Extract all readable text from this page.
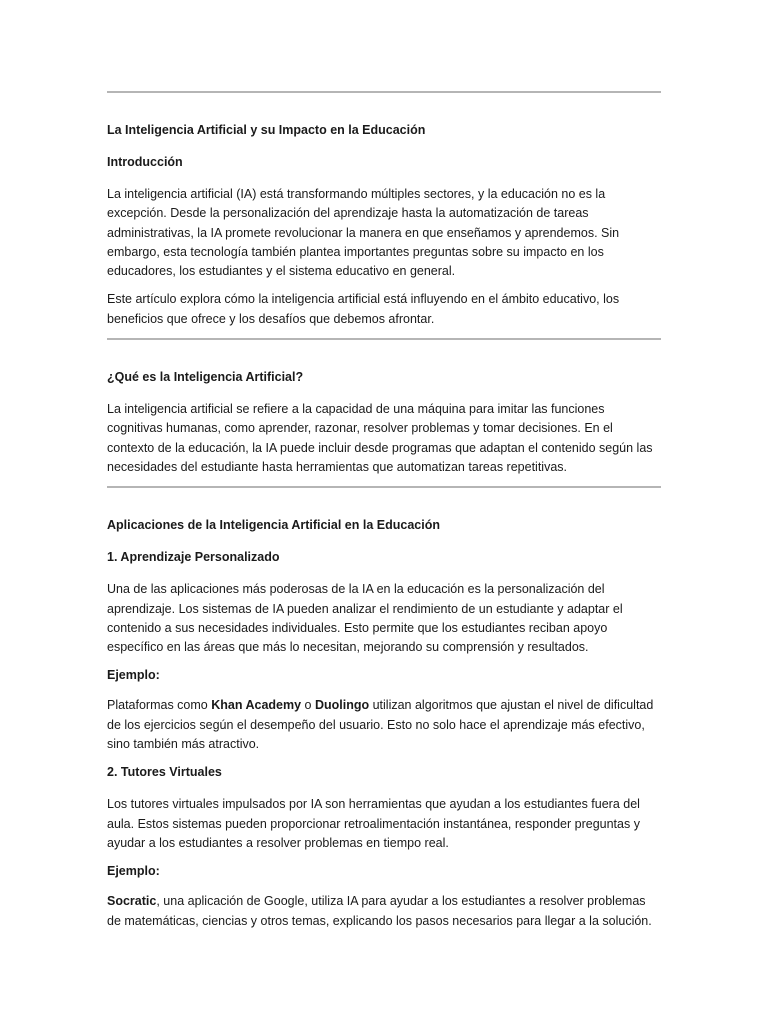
La Inteligencia Artificial y su Impacto en la Educación
Introducción

La inteligencia artificial (IA) está transformando múltiples sectores, y la educación no es la excepción. Desde la personalización del aprendizaje hasta la automatización de tareas administrativas, la IA promete revolucionar la manera en que enseñamos y aprendemos. Sin embargo, esta tecnología también plantea importantes preguntas sobre su impacto en los educadores, los estudiantes y el sistema educativo en general.

Este artículo explora cómo la inteligencia artificial está influyendo en el ámbito educativo, los beneficios que ofrece y los desafíos que debemos afrontar.

¿Qué es la Inteligencia Artificial?

La inteligencia artificial se refiere a la capacidad de una máquina para imitar las funciones cognitivas humanas, como aprender, razonar, resolver problemas y tomar decisiones. En el contexto de la educación, la IA puede incluir desde programas que adaptan el contenido según las necesidades del estudiante hasta herramientas que automatizan tareas repetitivas.

Aplicaciones de la Inteligencia Artificial en la Educación
1. Aprendizaje Personalizado

Una de las aplicaciones más poderosas de la IA en la educación es la personalización del aprendizaje. Los sistemas de IA pueden analizar el rendimiento de un estudiante y adaptar el contenido a sus necesidades individuales. Esto permite que los estudiantes reciban apoyo específico en las áreas que más lo necesitan, mejorando su comprensión y resultados.

Ejemplo:

Plataformas como Khan Academy o Duolingo utilizan algoritmos que ajustan el nivel de dificultad de los ejercicios según el desempeño del usuario. Esto no solo hace el aprendizaje más efectivo, sino también más atractivo.

2. Tutores Virtuales

Los tutores virtuales impulsados por IA son herramientas que ayudan a los estudiantes fuera del aula. Estos sistemas pueden proporcionar retroalimentación instantánea, responder preguntas y ayudar a los estudiantes a resolver problemas en tiempo real.

Ejemplo:

Socratic, una aplicación de Google, utiliza IA para ayudar a los estudiantes a resolver problemas de matemáticas, ciencias y otros temas, explicando los pasos necesarios para llegar a la solución.
